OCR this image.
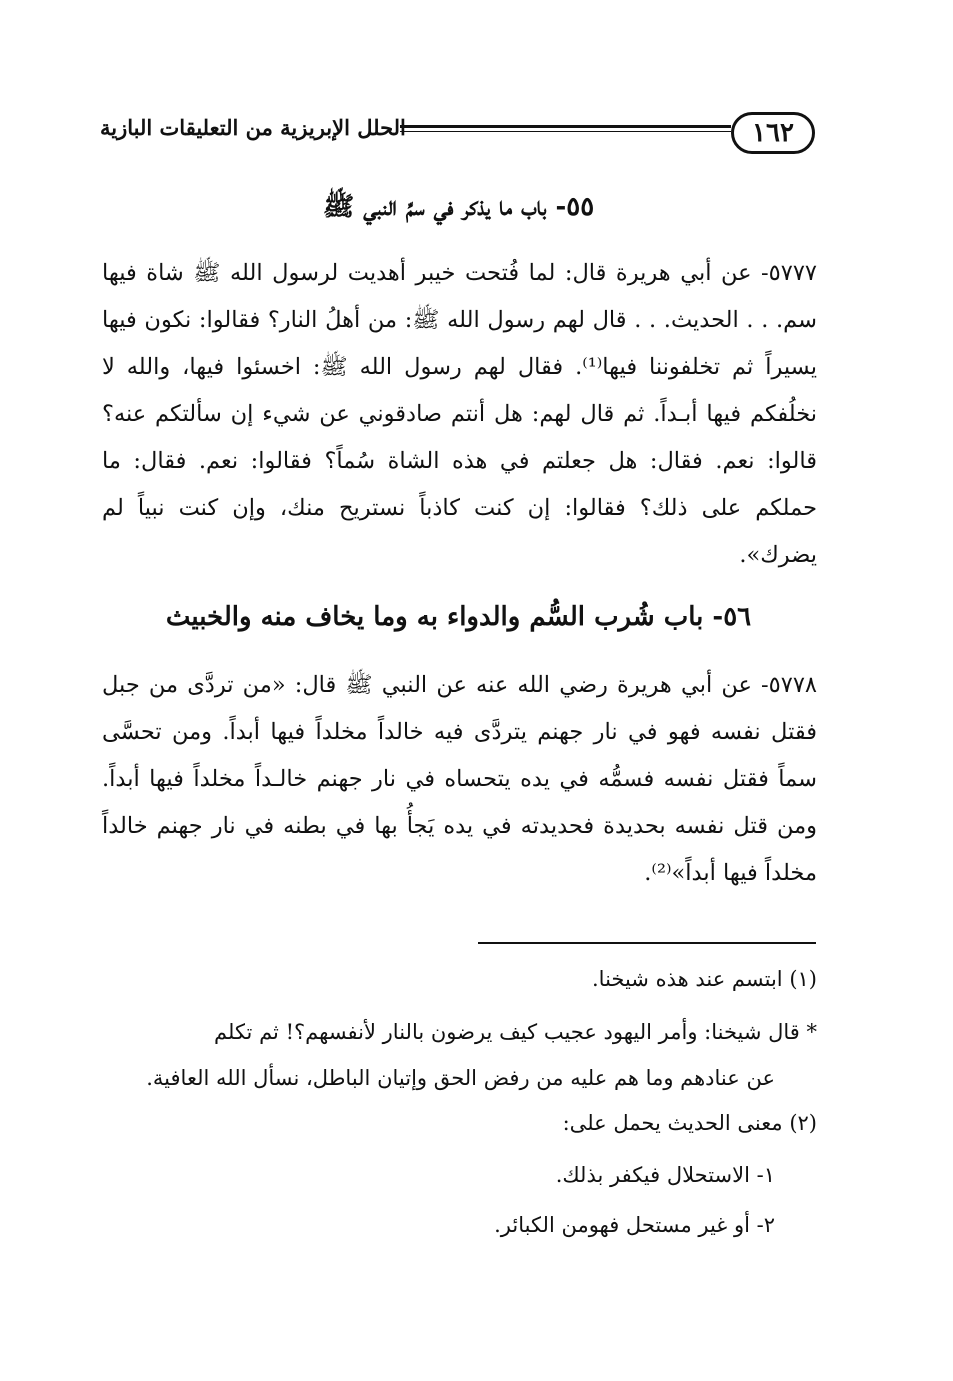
١٦٢
الحلل الإبريزية من التعليقات البازية
٥٥- باب ما يذكر في سمِّ النبي ﷺ
٥٧٧٧- عن أبي هريرة قال: لما فُتحت خيبر أهديت لرسول الله ﷺ شاة فيها سم. . . الحديث. . . قال لهم رسول الله ﷺ: من أهلُ النار؟ فقالوا: نكون فيها يسيراً ثم تخلفوننا فيها⁽¹⁾. فقال لهم رسول الله ﷺ: اخسئوا فيها، والله لا نخلُفكم فيها أبـداً. ثم قال لهم: هل أنتم صادقوني عن شيء إن سألتكم عنه؟ قالوا: نعم. فقال: هل جعلتم في هذه الشاة سُماً؟ فقالوا: نعم. فقال: ما حملكم على ذلك؟ فقالوا: إن كنت كاذباً نستريح منك، وإن كنت نبياً لم يضرك».
٥٦- باب شُرب السُّم والدواء به وما يخاف منه والخبيث
٥٧٧٨- عن أبي هريرة رضي الله عنه عن النبي ﷺ قال: «من تردَّى من جبل فقتل نفسه فهو في نار جهنم يتردَّى فيه خالداً مخلداً فيها أبداً. ومن تحسَّى سماً فقتل نفسه فسمُّه في يده يتحساه في نار جهنم خالـداً مخلداً فيها أبداً. ومن قتل نفسه بحديدة فحديدته في يده يَجأُ بها في بطنه في نار جهنم خالداً مخلداً فيها أبداً»⁽²⁾.
(١) ابتسم عند هذه شيخنا.
* قال شيخنا: وأمر اليهود عجيب كيف يرضون بالنار لأنفسهم؟! ثم تكلم
عن عنادهم وما هم عليه من رفض الحق وإتيان الباطل، نسأل الله العافية.
(٢) معنى الحديث يحمل على:
١- الاستحلال فيكفر بذلك.
٢- أو غير مستحل فهومن الكبائر.
